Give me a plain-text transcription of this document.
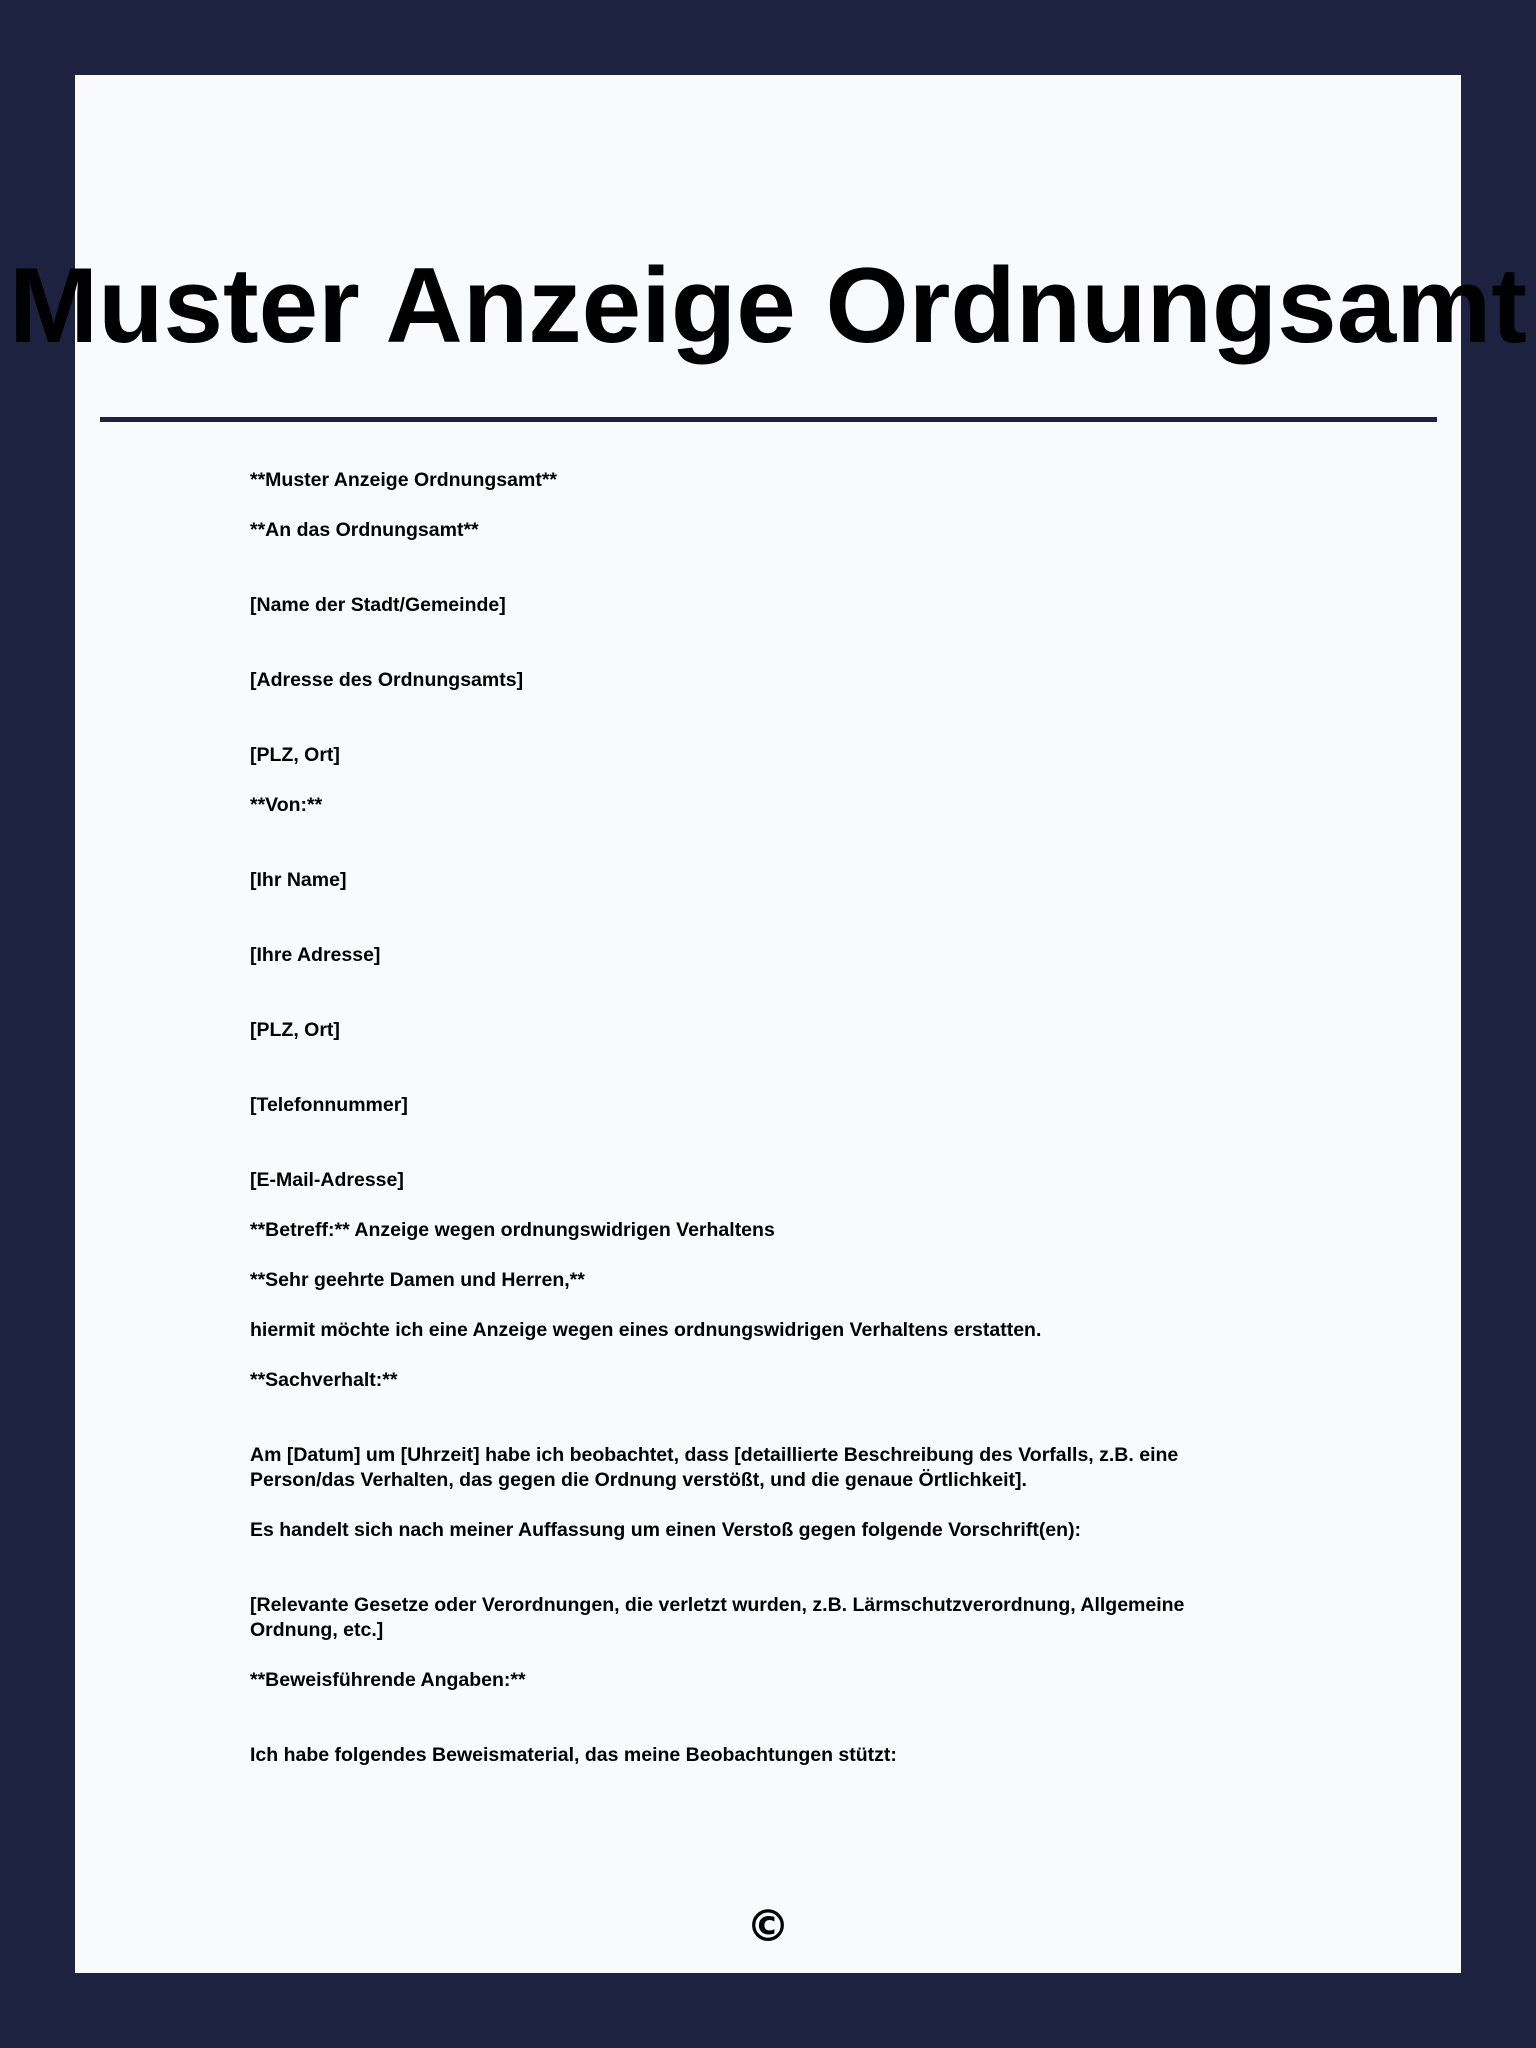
Muster Anzeige Ordnungsamt
**Muster Anzeige Ordnungsamt**
**An das Ordnungsamt**
[Name der Stadt/Gemeinde]
[Adresse des Ordnungsamts]
[PLZ, Ort]
**Von:**
[Ihr Name]
[Ihre Adresse]
[PLZ, Ort]
[Telefonnummer]
[E-Mail-Adresse]
**Betreff:** Anzeige wegen ordnungswidrigen Verhaltens
**Sehr geehrte Damen und Herren,**
hiermit möchte ich eine Anzeige wegen eines ordnungswidrigen Verhaltens erstatten.
**Sachverhalt:**
Am [Datum] um [Uhrzeit] habe ich beobachtet, dass [detaillierte Beschreibung des Vorfalls, z.B. eine Person/das Verhalten, das gegen die Ordnung verstößt, und die genaue Örtlichkeit].
Es handelt sich nach meiner Auffassung um einen Verstoß gegen folgende Vorschrift(en):
[Relevante Gesetze oder Verordnungen, die verletzt wurden, z.B. Lärmschutzverordnung, Allgemeine Ordnung, etc.]
**Beweisführende Angaben:**
Ich habe folgendes Beweismaterial, das meine Beobachtungen stützt:
©
